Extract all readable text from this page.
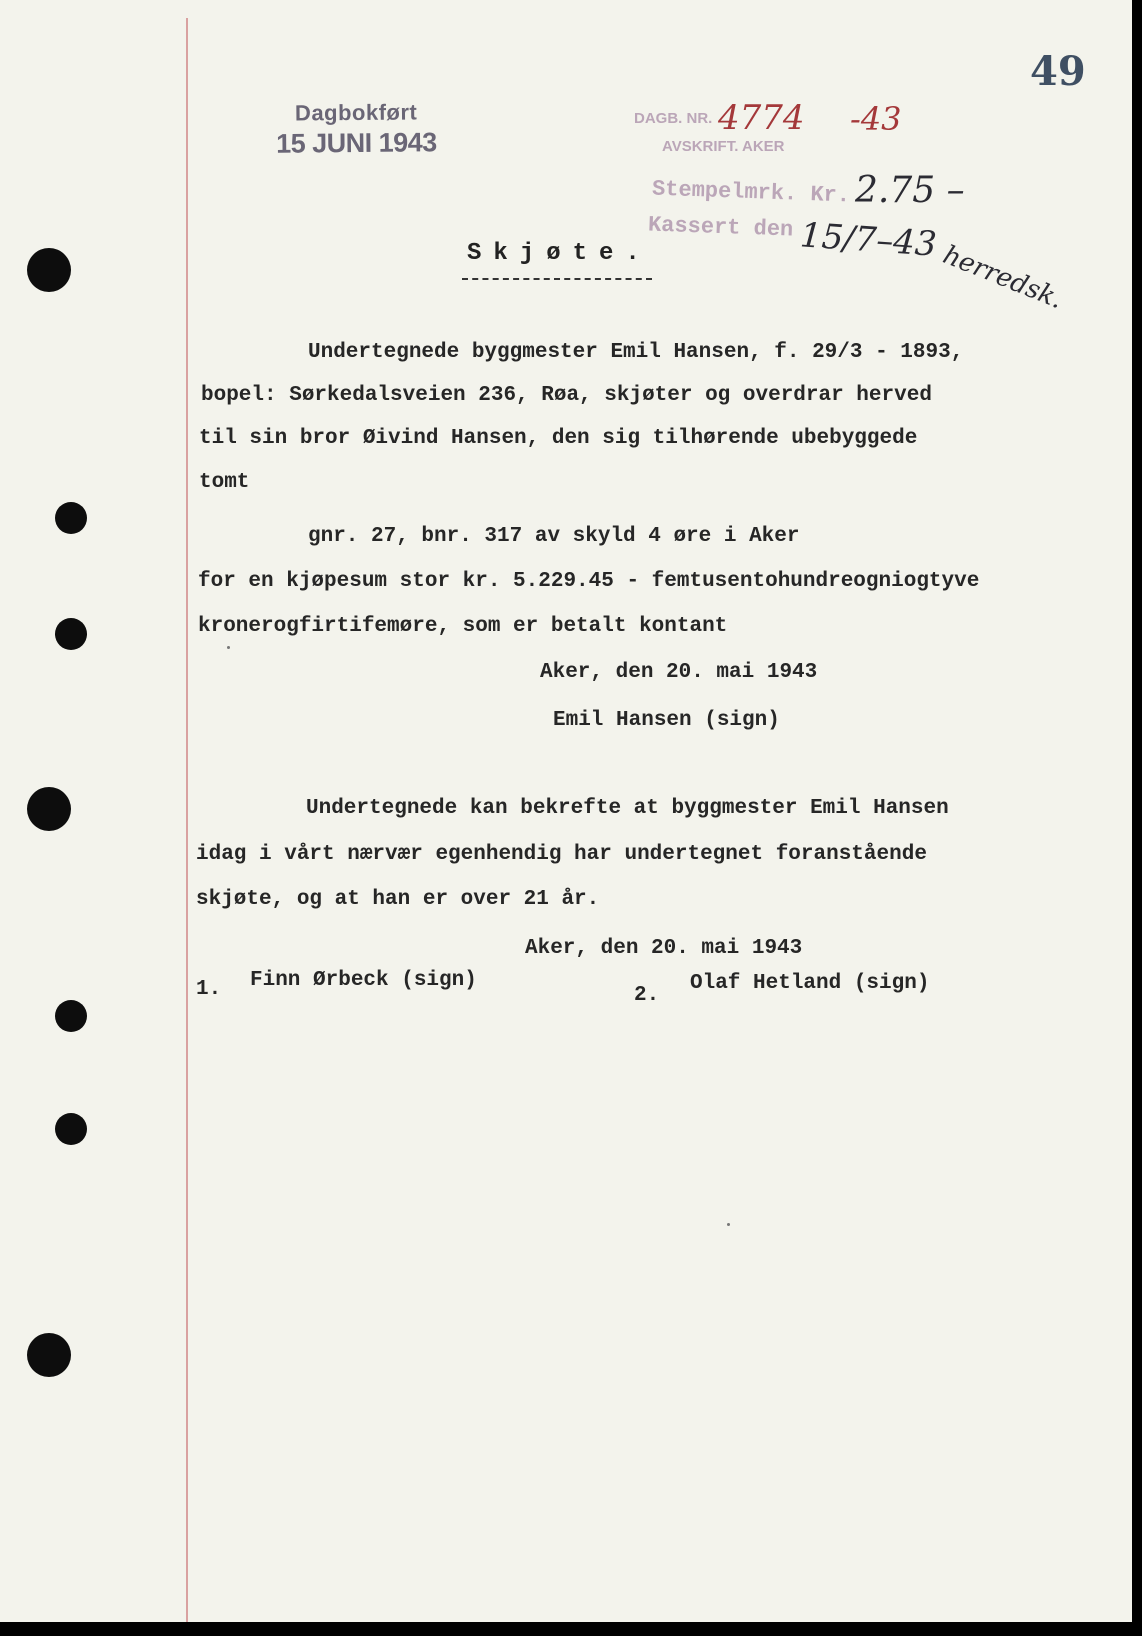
49
Dagbokført
15 JUNI 1943
DAGB. NR. 4774 -43
AVSKRIFT. AKER
Stempelmrk. Kr. 2.75 –
Kassert den 15/7–43 herredsk.
Skjøte.
Undertegnede byggmester Emil Hansen, f. 29/3 - 1893,
bopel: Sørkedalsveien 236, Røa, skjøter og overdrar herved
til sin bror Øivind Hansen, den sig tilhørende ubebyggede
tomt
gnr. 27, bnr. 317 av skyld 4 øre i Aker
for en kjøpesum stor kr. 5.229.45 - femtusentohundreogniogtyve
kronerogfirtifemøre, som er betalt kontant
Aker, den 20. mai 1943
Emil Hansen (sign)
Undertegnede kan bekrefte at byggmester Emil Hansen
idag i vårt nærvær egenhendig har undertegnet foranstående
skjøte, og at han er over 21 år.
Aker, den 20. mai 1943
1. Finn Ørbeck (sign)
2.
Olaf Hetland (sign)
